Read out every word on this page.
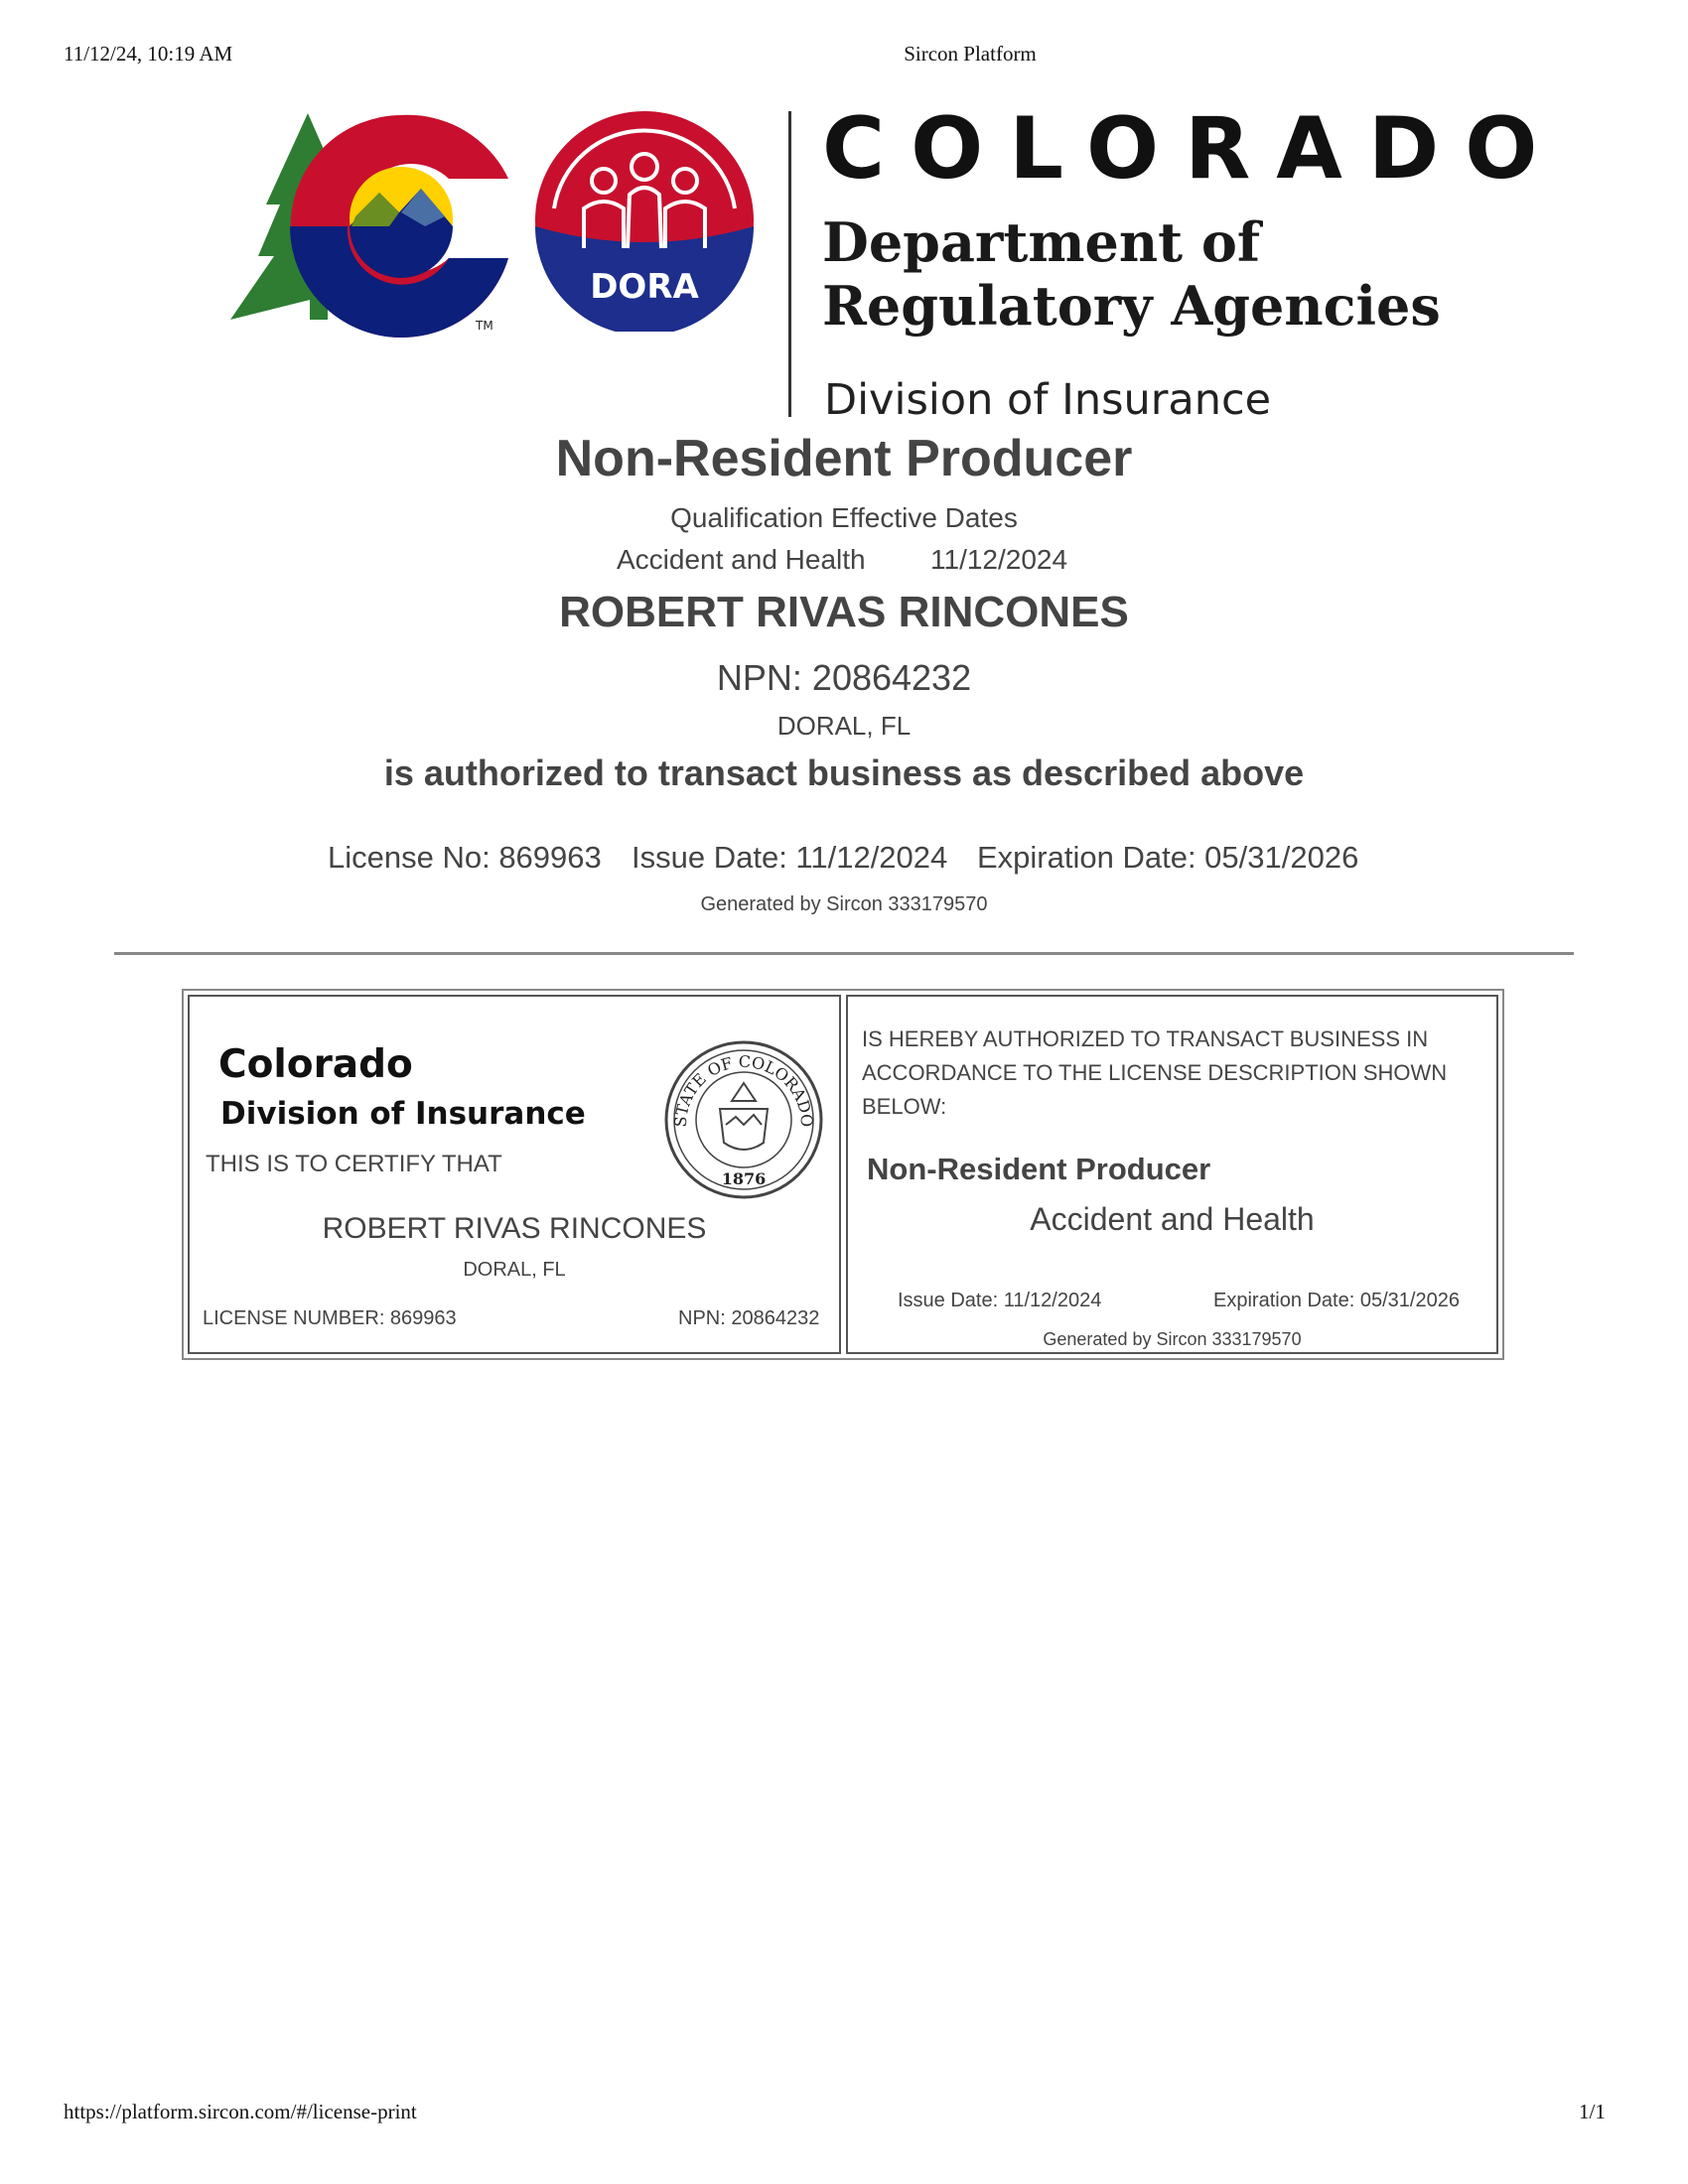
11/12/24, 10:19 AM	Sircon Platform
TM
DORA
COLORADO
Department of
Regulatory Agencies
Division of Insurance
Non-Resident Producer
Qualification Effective Dates
Accident and Health 11/12/2024
ROBERT RIVAS RINCONES
NPN: 20864232
DORAL, FL
is authorized to transact business as described above
License No: 869963 Issue Date: 11/12/2024 Expiration Date: 05/31/2026
Generated by Sircon 333179570
Colorado
Division of Insurance
THIS IS TO CERTIFY THAT
STATE OF COLORADO
1876
ROBERT RIVAS RINCONES
DORAL, FL
LICENSE NUMBER: 869963	NPN: 20864232
IS HEREBY AUTHORIZED TO TRANSACT BUSINESS IN ACCORDANCE TO THE LICENSE DESCRIPTION SHOWN BELOW:
Non-Resident Producer
Accident and Health
Issue Date: 11/12/2024	Expiration Date: 05/31/2026
Generated by Sircon 333179570
https://platform.sircon.com/#/license-print	1/1
